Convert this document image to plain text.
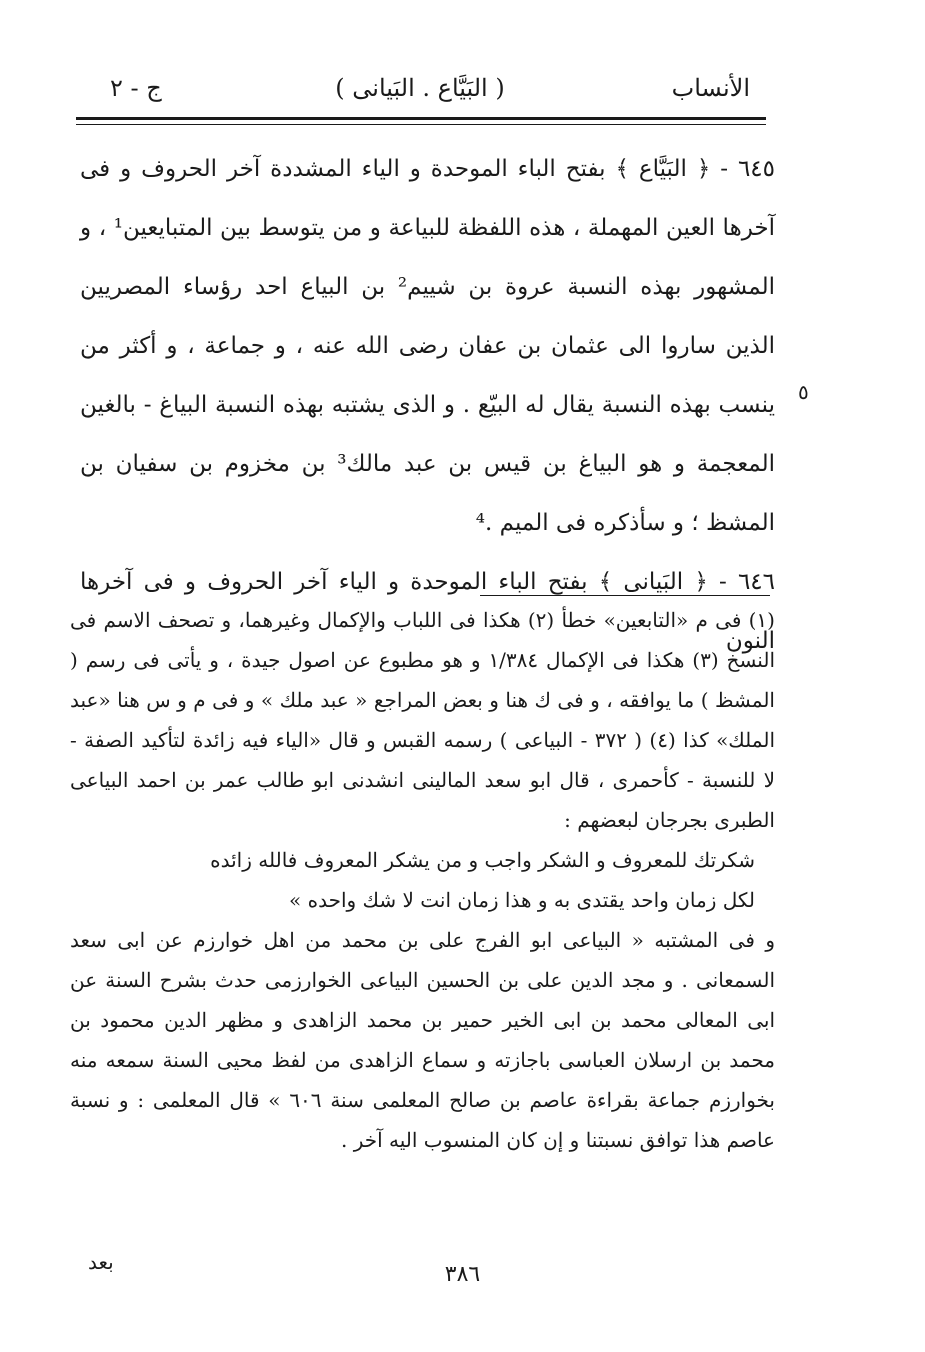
الأنساب
( البَيَّاع . البَيانى )
ج - ٢
٥

٦٤٥ - ﴿ البَيَّاع ﴾ بفتح الباء الموحدة و الياء المشددة آخر الحروف و فى آخرها العين المهملة ، هذه اللفظة للبياعة و من يتوسط بين المتبايعين¹ ، و المشهور بهذه النسبة عروة بن شييم² بن البياع احد رؤساء المصريين الذين ساروا الى عثمان بن عفان رضى الله عنه ، و جماعة ، و أكثر من ينسب بهذه النسبة يقال له البيّع . و الذى يشتبه بهذه النسبة البياغ - بالغين المعجمة و هو البياغ بن قيس بن عبد مالك³ بن مخزوم بن سفيان بن المشظ ؛ و سأذكره فى الميم .⁴

٦٤٦ - ﴿ البَيانى ﴾ بفتح الباء الموحدة و الياء آخر الحروف و فى آخرها النون

(١) فى م «التابعين» خطأ (٢) هكذا فى اللباب والإكمال وغيرهما، و تصحف الاسم فى النسخ (٣) هكذا فى الإكمال ١/٣٨٤ و هو مطبوع عن اصول جيدة ، و يأتى فى رسم ( المشظ ) ما يوافقه ، و فى ك هنا و بعض المراجع « عبد ملك » و فى م و س هنا «عبد الملك» كذا (٤) ( ٣٧٢ - البياعى ) رسمه القبس و قال «الياء فيه زائدة لتأكيد الصفة - لا للنسبة - كأحمرى ، قال ابو سعد المالينى انشدنى ابو طالب عمر بن احمد البياعى الطبرى بجرجان لبعضهم :

شكرتك للمعروف و الشكر واجب و من يشكر المعروف فالله زائده

لكل زمان واحد يقتدى به و هذا زمان انت لا شك واحده »

و فى المشتبه « البياعى ابو الفرج على بن محمد من اهل خوارزم عن ابى سعد السمعانى . و مجد الدين على بن الحسين البياعى الخوارزمى حدث بشرح السنة عن ابى المعالى محمد بن ابى الخير حمير بن محمد الزاهدى و مظهر الدين محمود بن محمد بن ارسلان العباسى باجازته و سماع الزاهدى من لفظ محيى السنة سمعه منه بخوارزم جماعة بقراءة عاصم بن صالح المعلمى سنة ٦٠٦ » قال المعلمى : و نسبة عاصم هذا توافق نسبتنا و إن كان المنسوب اليه آخر .

بعد	٣٨٦
